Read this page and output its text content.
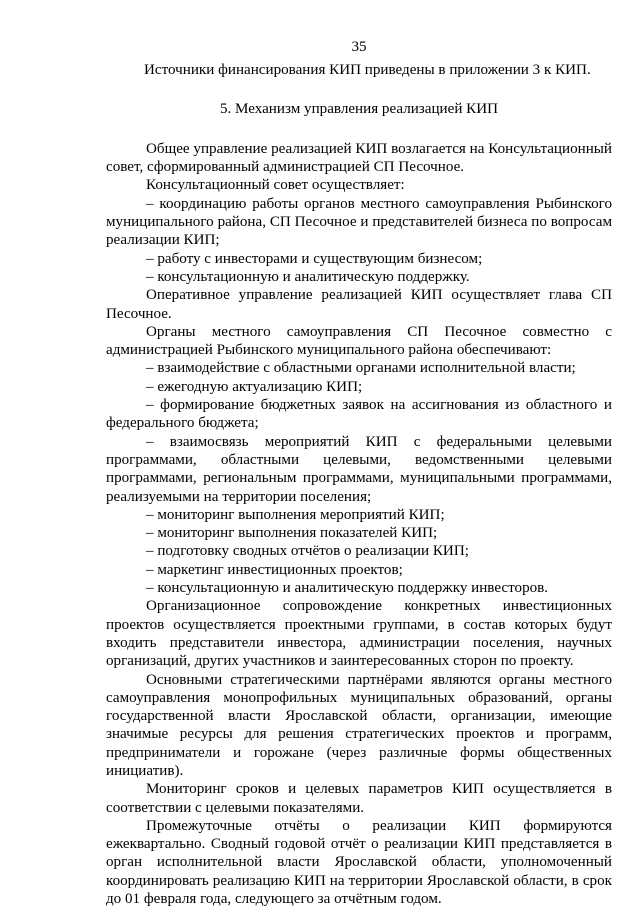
35

Источники финансирования КИП приведены в приложении 3 к КИП.

5. Механизм управления реализацией КИП

Общее управление реализацией КИП возлагается на Консультационный совет, сформированный администрацией СП Песочное.

Консультационный совет осуществляет:

– координацию работы органов местного самоуправления Рыбинского муниципального района, СП Песочное и представителей бизнеса по вопросам реализации КИП;

– работу с инвесторами и существующим бизнесом;

– консультационную и аналитическую поддержку.

Оперативное управление реализацией КИП осуществляет глава СП Песочное.

Органы местного самоуправления СП Песочное совместно с администрацией Рыбинского муниципального района обеспечивают:

– взаимодействие с областными органами исполнительной власти;

– ежегодную актуализацию КИП;

– формирование бюджетных заявок на ассигнования из областного и федерального бюджета;

– взаимосвязь мероприятий КИП с федеральными целевыми программами, областными целевыми, ведомственными целевыми программами, региональным программами, муниципальными программами, реализуемыми на территории поселения;

– мониторинг выполнения мероприятий КИП;

– мониторинг выполнения показателей КИП;

– подготовку сводных отчётов о реализации КИП;

– маркетинг инвестиционных проектов;

– консультационную и аналитическую поддержку инвесторов.

Организационное сопровождение конкретных инвестиционных проектов осуществляется проектными группами, в состав которых будут входить представители инвестора, администрации поселения, научных организаций, других участников и заинтересованных сторон по проекту.

Основными стратегическими партнёрами являются органы местного самоуправления монопрофильных муниципальных образований, органы государственной власти Ярославской области, организации, имеющие значимые ресурсы для решения стратегических проектов и программ, предприниматели и горожане (через различные формы общественных инициатив).

Мониторинг сроков и целевых параметров КИП осуществляется в соответствии с целевыми показателями.

Промежуточные отчёты о реализации КИП формируются ежеквартально. Сводный годовой отчёт о реализации КИП представляется в орган исполнительной власти Ярославской области, уполномоченный координировать реализацию КИП на территории Ярославской области, в срок до 01 февраля года, следующего за отчётным годом.
